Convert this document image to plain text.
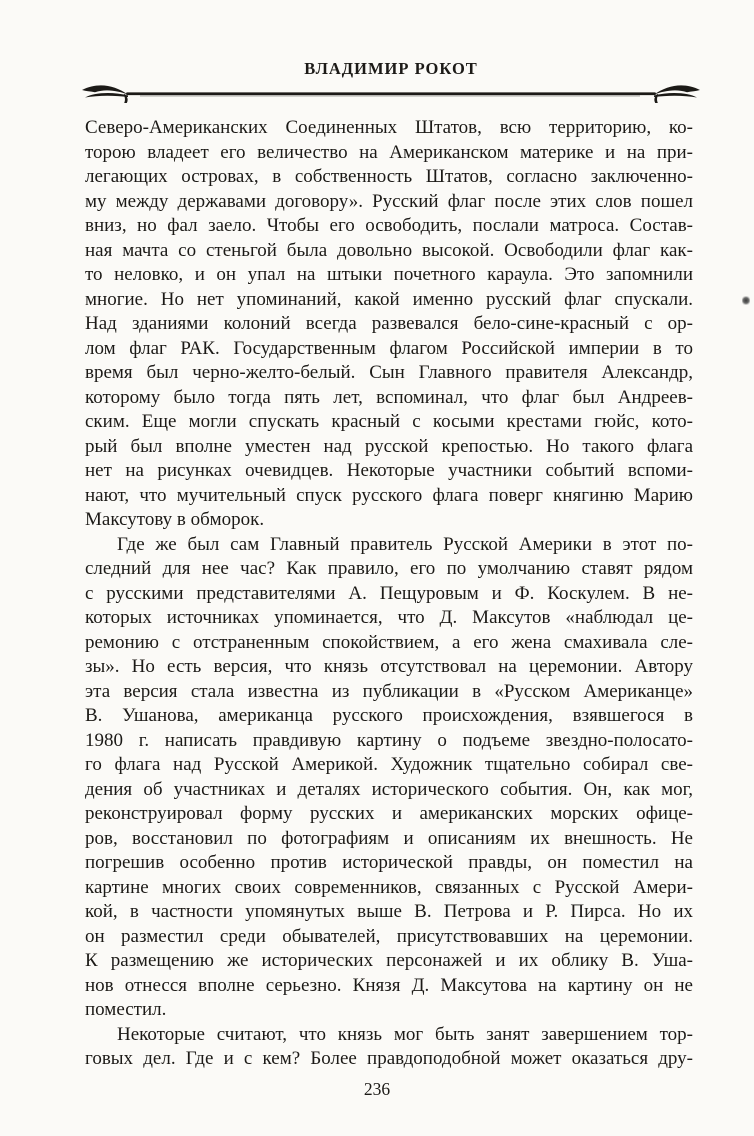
ВЛАДИМИР РОКОТ
Северо-Американских Соединенных Штатов, всю территорию, ко-
торою владеет его величество на Американском материке и на при-
легающих островах, в собственность Штатов, согласно заключенно-
му между державами договору». Русский флаг после этих слов пошел
вниз, но фал заело. Чтобы его освободить, послали матроса. Состав-
ная мачта со стеньгой была довольно высокой. Освободили флаг как-
то неловко, и он упал на штыки почетного караула. Это запомнили
многие. Но нет упоминаний, какой именно русский флаг спускали.
Над зданиями колоний всегда развевался бело-сине-красный с ор-
лом флаг РАК. Государственным флагом Российской империи в то
время был черно-желто-белый. Сын Главного правителя Александр,
которому было тогда пять лет, вспоминал, что флаг был Андреев-
ским. Еще могли спускать красный с косыми крестами гюйс, кото-
рый был вполне уместен над русской крепостью. Но такого флага
нет на рисунках очевидцев. Некоторые участники событий вспоми-
нают, что мучительный спуск русского флага поверг княгиню Марию
Максутову в обморок.
Где же был сам Главный правитель Русской Америки в этот по-
следний для нее час? Как правило, его по умолчанию ставят рядом
с русскими представителями А. Пещуровым и Ф. Коскулем. В не-
которых источниках упоминается, что Д. Максутов «наблюдал це-
ремонию с отстраненным спокойствием, а его жена смахивала сле-
зы». Но есть версия, что князь отсутствовал на церемонии. Автору
эта версия стала известна из публикации в «Русском Американце»
В. Ушанова, американца русского происхождения, взявшегося в
1980 г. написать правдивую картину о подъеме звездно-полосато-
го флага над Русской Америкой. Художник тщательно собирал све-
дения об участниках и деталях исторического события. Он, как мог,
реконструировал форму русских и американских морских офице-
ров, восстановил по фотографиям и описаниям их внешность. Не
погрешив особенно против исторической правды, он поместил на
картине многих своих современников, связанных с Русской Амери-
кой, в частности упомянутых выше В. Петрова и Р. Пирса. Но их
он разместил среди обывателей, присутствовавших на церемонии.
К размещению же исторических персонажей и их облику В. Уша-
нов отнесся вполне серьезно. Князя Д. Максутова на картину он не
поместил.
Некоторые считают, что князь мог быть занят завершением тор-
говых дел. Где и с кем? Более правдоподобной может оказаться дру-
236
